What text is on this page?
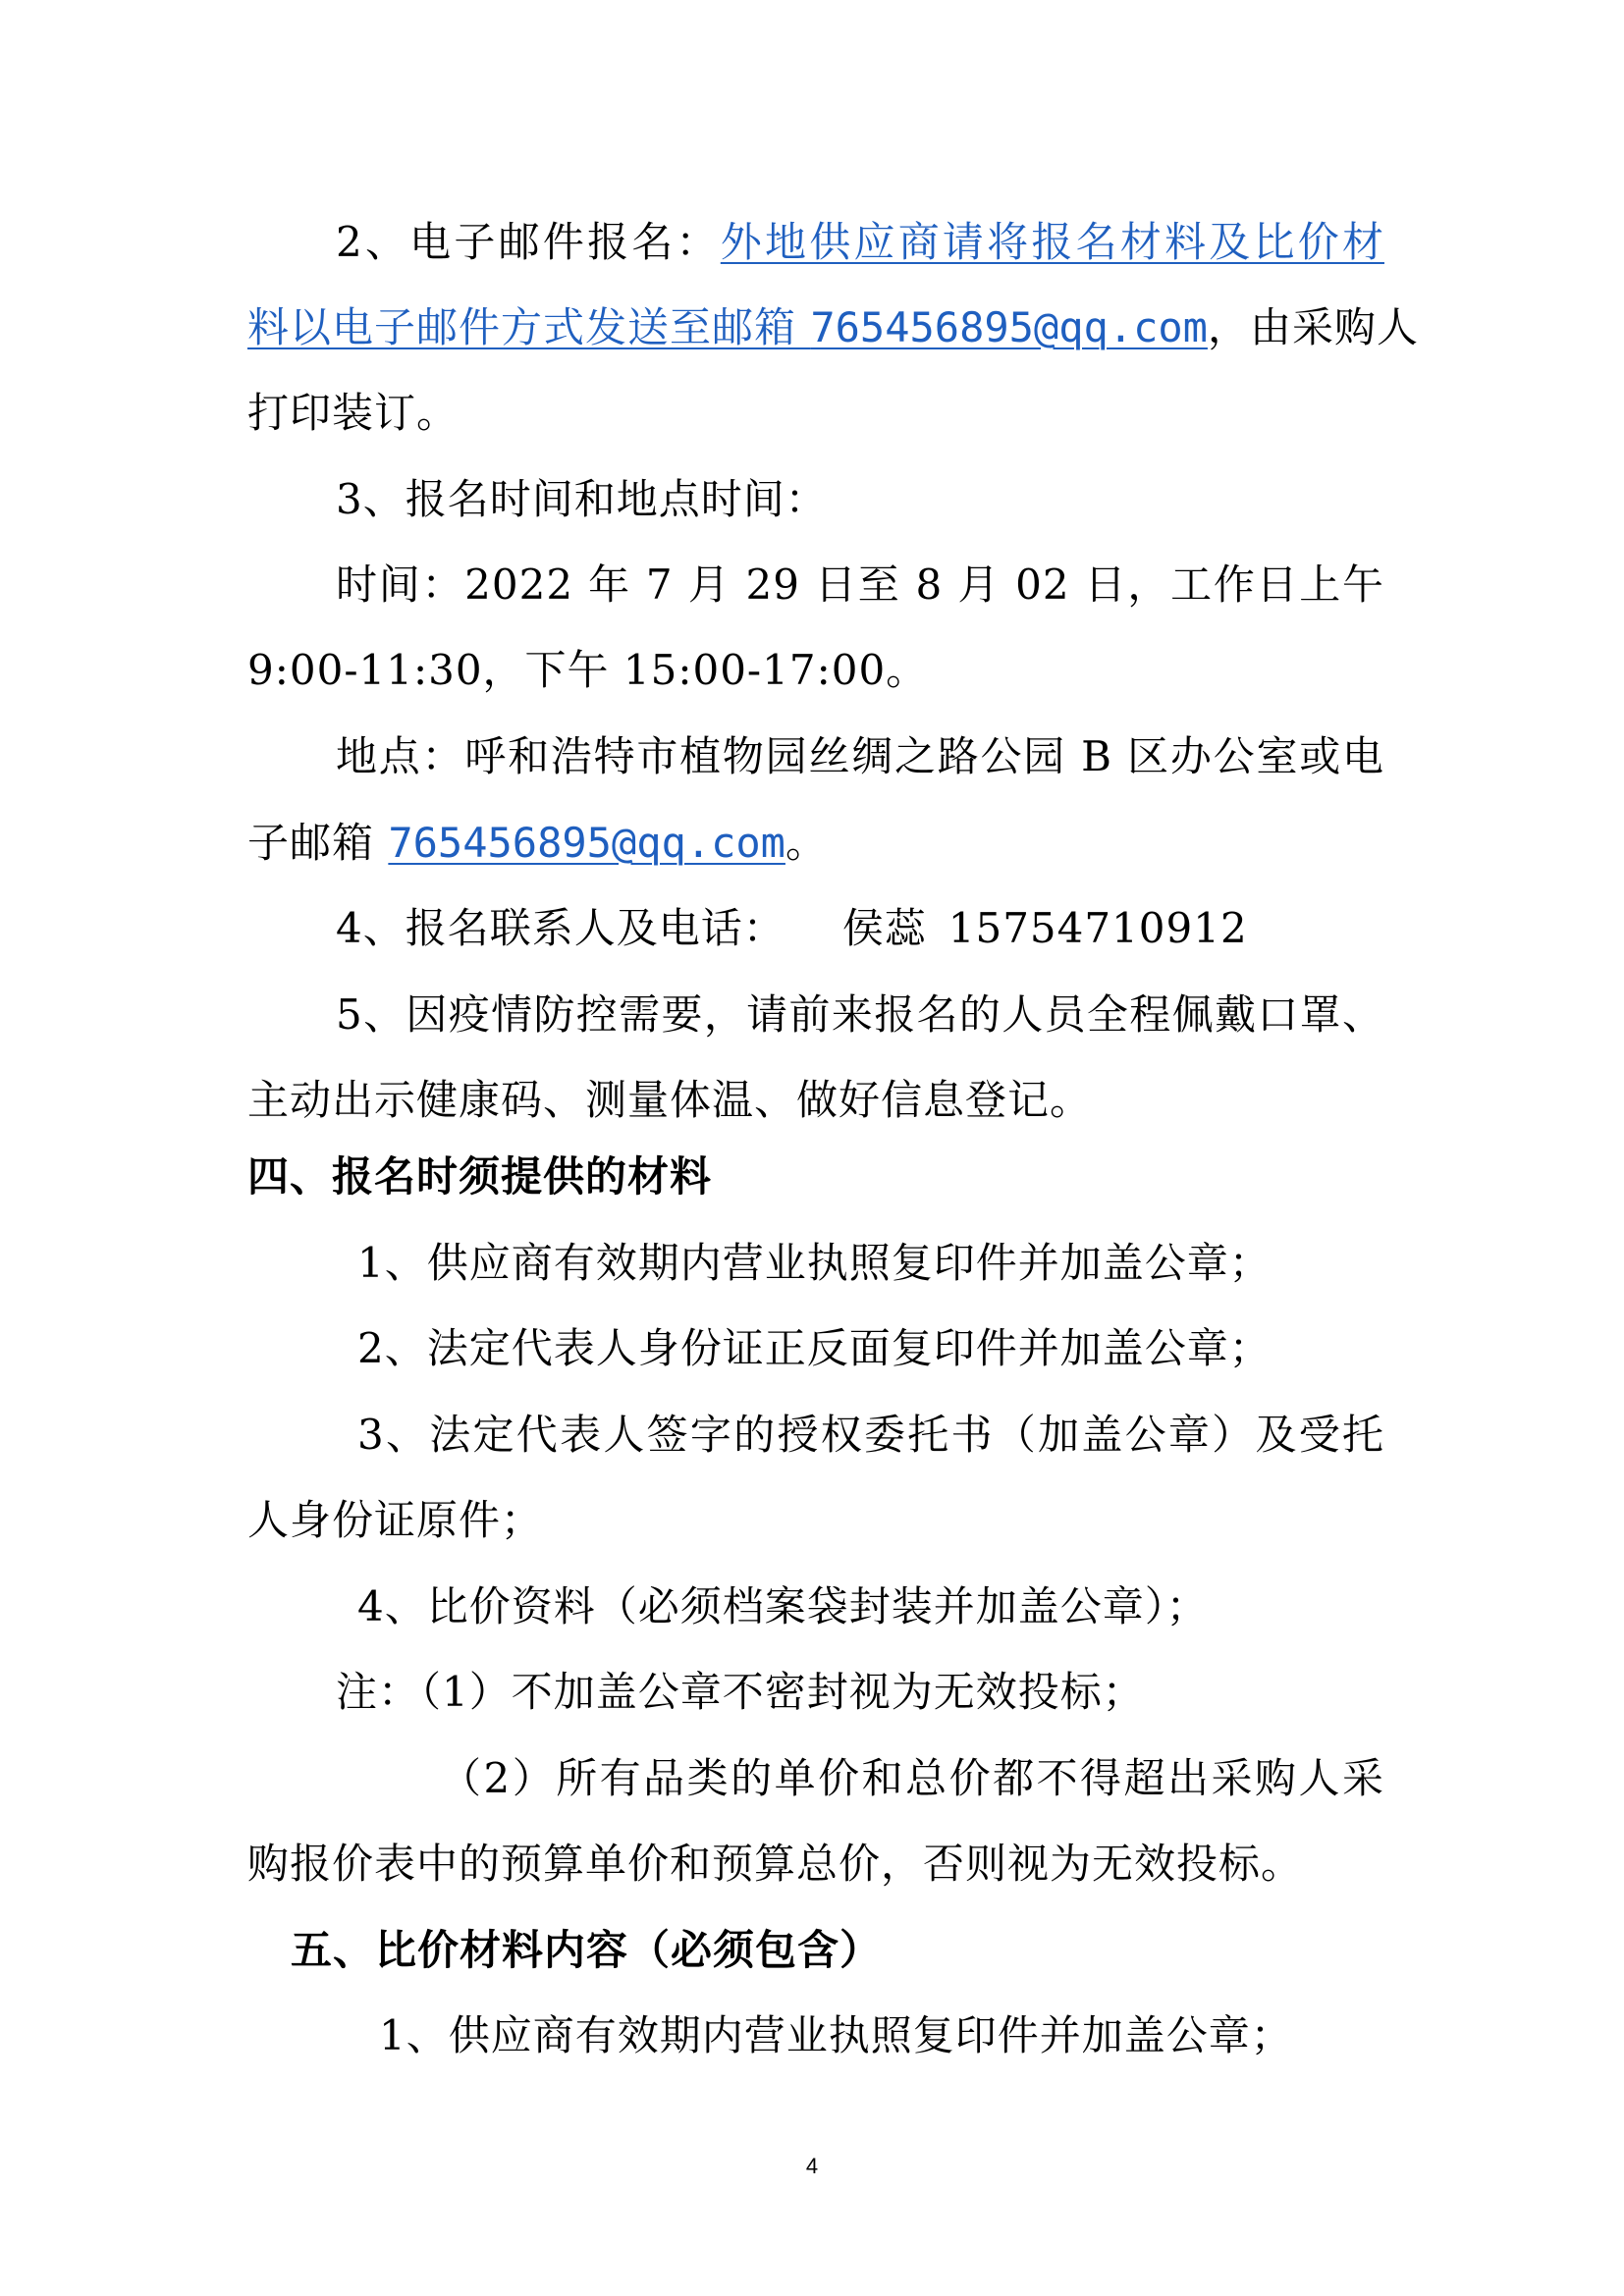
2、电子邮件报名：外地供应商请将报名材料及比价材
料以电子邮件方式发送至邮箱 765456895@qq.com，由采购人
打印装订。
3、报名时间和地点时间：
时间：2022 年 7 月 29 日至 8 月 02 日，工作日上午
9:00-11:30，下午 15:00-17:00。
地点：呼和浩特市植物园丝绸之路公园 B 区办公室或电
子邮箱 765456895@qq.com。
4、报名联系人及电话： 侯蕊 15754710912
5、因疫情防控需要，请前来报名的人员全程佩戴口罩、
主动出示健康码、测量体温、做好信息登记。
四、报名时须提供的材料
1、供应商有效期内营业执照复印件并加盖公章；
2、法定代表人身份证正反面复印件并加盖公章；
3、法定代表人签字的授权委托书（加盖公章）及受托
人身份证原件；
4、比价资料（必须档案袋封装并加盖公章）；
注：（1）不加盖公章不密封视为无效投标；
（2）所有品类的单价和总价都不得超出采购人采
购报价表中的预算单价和预算总价，否则视为无效投标。
五、比价材料内容（必须包含）
1、供应商有效期内营业执照复印件并加盖公章；
4
